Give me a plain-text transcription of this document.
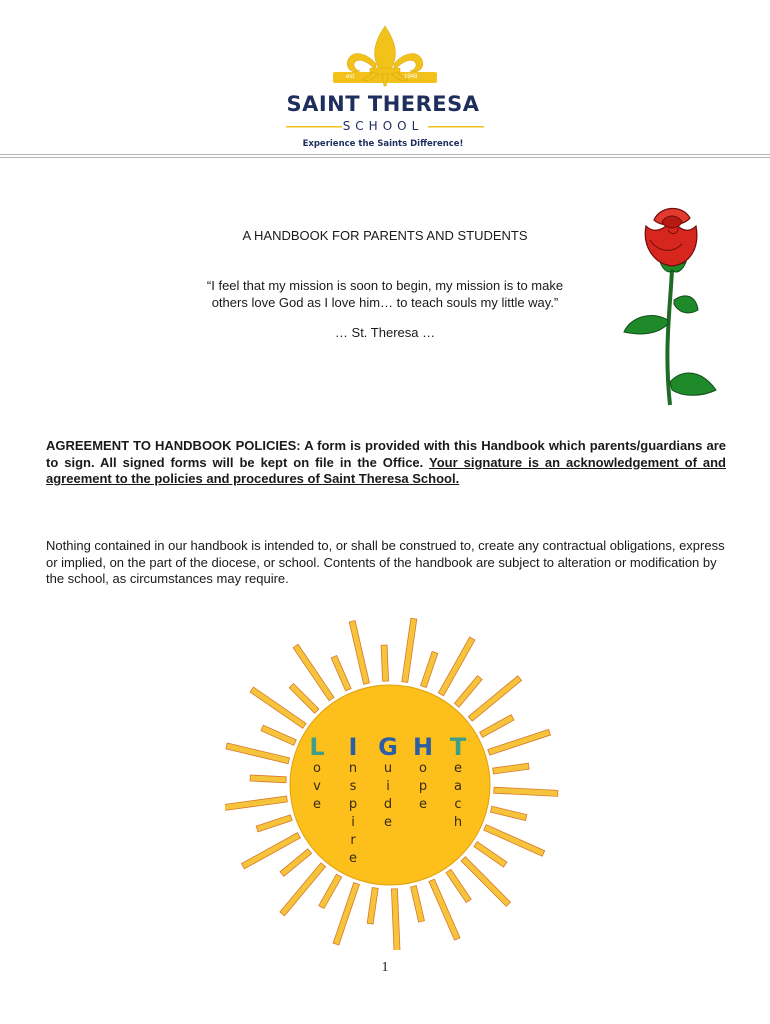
est.	1948
SAINT THERESA
SCHOOL
Experience the Saints Difference!
A HANDBOOK FOR PARENTS AND STUDENTS
“I feel that my mission is soon to begin, my mission is to make
others love God as I love him… to teach souls my little way.”
… St. Theresa …
AGREEMENT TO HANDBOOK POLICIES: A form is provided with this Handbook which parents/guardians are to sign. All signed forms will be kept on file in the Office. Your signature is an acknowledgement of and agreement to the policies and procedures of Saint Theresa School.
Nothing contained in our handbook is intended to, or shall be construed to, create any contractual obligations, express or implied, on the part of the diocese, or school. Contents of the handbook are subject to alteration or modification by the school, as circumstances may require.
L
o
v
e
I
n
s
p
i
r
e
G
u
i
d
e
H
o
p
e
T
e
a
c
h
1
